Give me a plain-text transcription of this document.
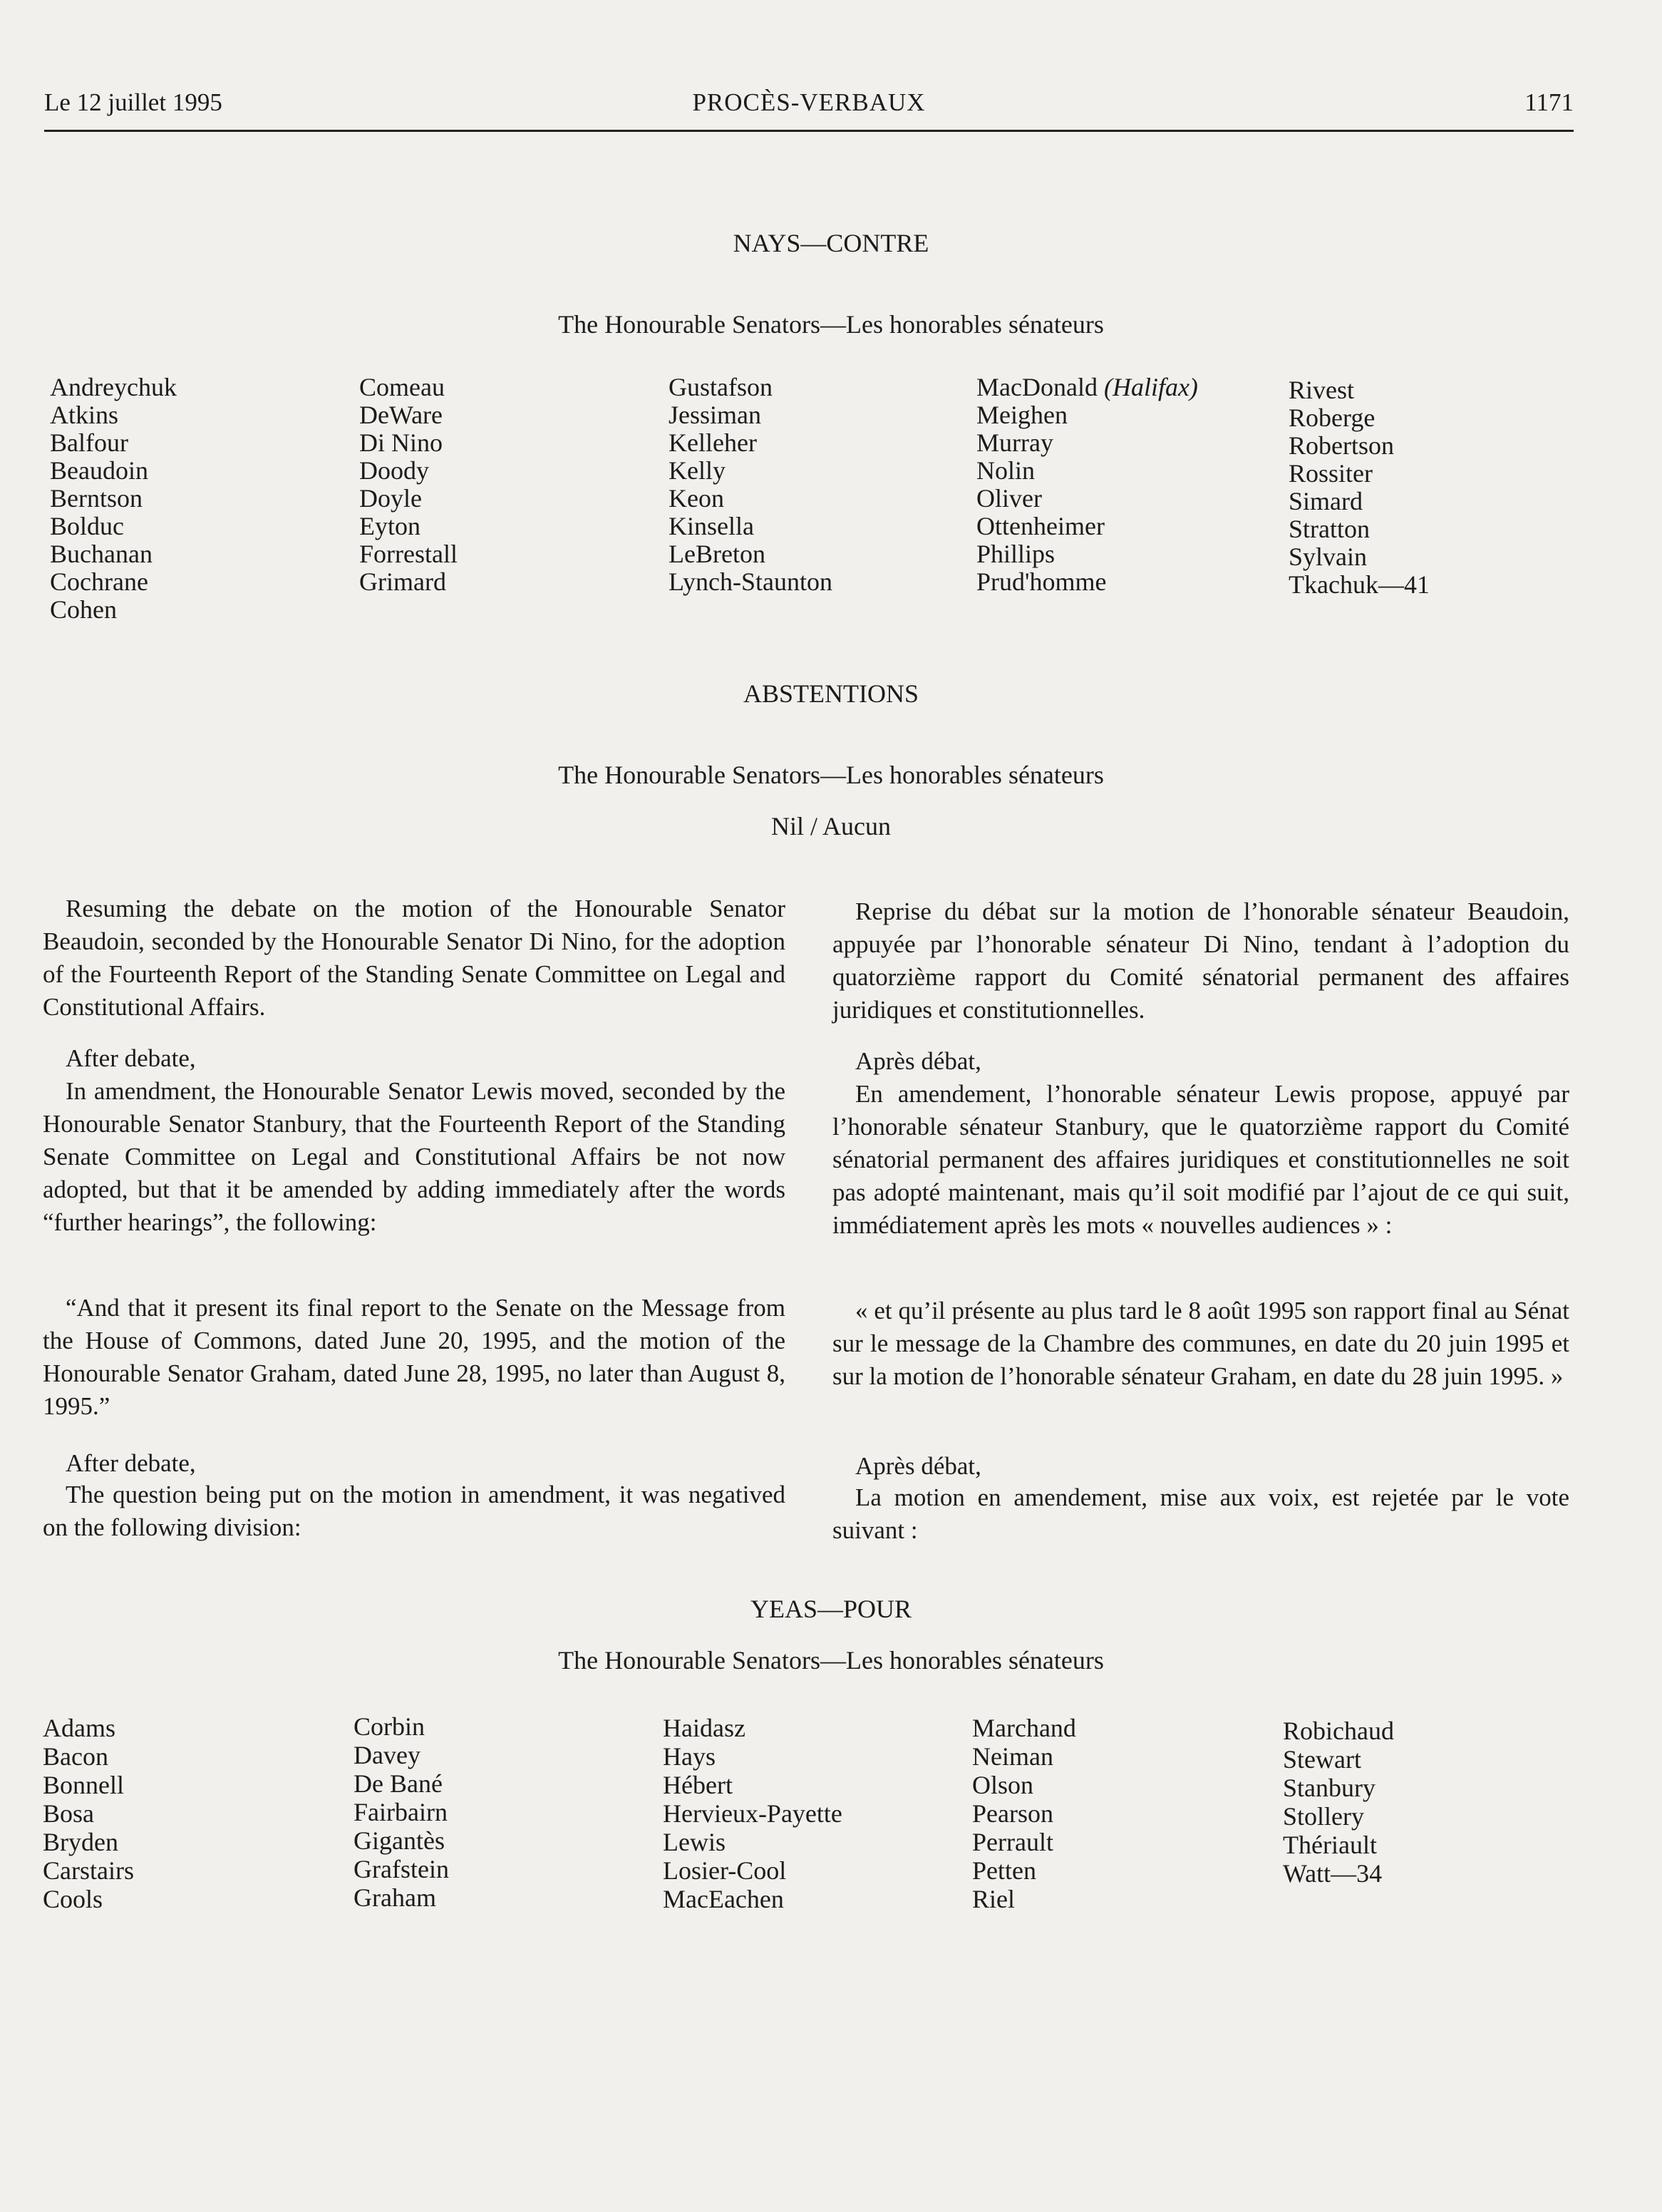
Le 12 juillet 1995	PROCÈS-VERBAUX	1171
NAYS—CONTRE
The Honourable Senators—Les honorables sénateurs
Andreychuk
Atkins
Balfour
Beaudoin
Berntson
Bolduc
Buchanan
Cochrane
Cohen
Comeau
DeWare
Di Nino
Doody
Doyle
Eyton
Forrestall
Grimard
Gustafson
Jessiman
Kelleher
Kelly
Keon
Kinsella
LeBreton
Lynch-Staunton
MacDonald (Halifax)
Meighen
Murray
Nolin
Oliver
Ottenheimer
Phillips
Prud'homme
Rivest
Roberge
Robertson
Rossiter
Simard
Stratton
Sylvain
Tkachuk—41
ABSTENTIONS
The Honourable Senators—Les honorables sénateurs
Nil / Aucun
Resuming the debate on the motion of the Honourable Senator Beaudoin, seconded by the Honourable Senator Di Nino, for the adoption of the Fourteenth Report of the Standing Senate Committee on Legal and Constitutional Affairs.
After debate,
In amendment, the Honourable Senator Lewis moved, seconded by the Honourable Senator Stanbury, that the Fourteenth Report of the Standing Senate Committee on Legal and Constitutional Affairs be not now adopted, but that it be amended by adding immediately after the words “further hearings”, the following:
“And that it present its final report to the Senate on the Message from the House of Commons, dated June 20, 1995, and the motion of the Honourable Senator Graham, dated June 28, 1995, no later than August 8, 1995.”
After debate,
The question being put on the motion in amendment, it was negatived on the following division:
Reprise du débat sur la motion de l’honorable sénateur Beaudoin, appuyée par l’honorable sénateur Di Nino, tendant à l’adoption du quatorzième rapport du Comité sénatorial permanent des affaires juridiques et constitutionnelles.
Après débat,
En amendement, l’honorable sénateur Lewis propose, appuyé par l’honorable sénateur Stanbury, que le quatorzième rapport du Comité sénatorial permanent des affaires juridiques et constitutionnelles ne soit pas adopté maintenant, mais qu’il soit modifié par l’ajout de ce qui suit, immédiatement après les mots « nouvelles audiences » :
« et qu’il présente au plus tard le 8 août 1995 son rapport final au Sénat sur le message de la Chambre des communes, en date du 20 juin 1995 et sur la motion de l’honorable sénateur Graham, en date du 28 juin 1995. »
Après débat,
La motion en amendement, mise aux voix, est rejetée par le vote suivant :
YEAS—POUR
The Honourable Senators—Les honorables sénateurs
Adams
Bacon
Bonnell
Bosa
Bryden
Carstairs
Cools
Corbin
Davey
De Bané
Fairbairn
Gigantès
Grafstein
Graham
Haidasz
Hays
Hébert
Hervieux-Payette
Lewis
Losier-Cool
MacEachen
Marchand
Neiman
Olson
Pearson
Perrault
Petten
Riel
Robichaud
Stewart
Stanbury
Stollery
Thériault
Watt—34
